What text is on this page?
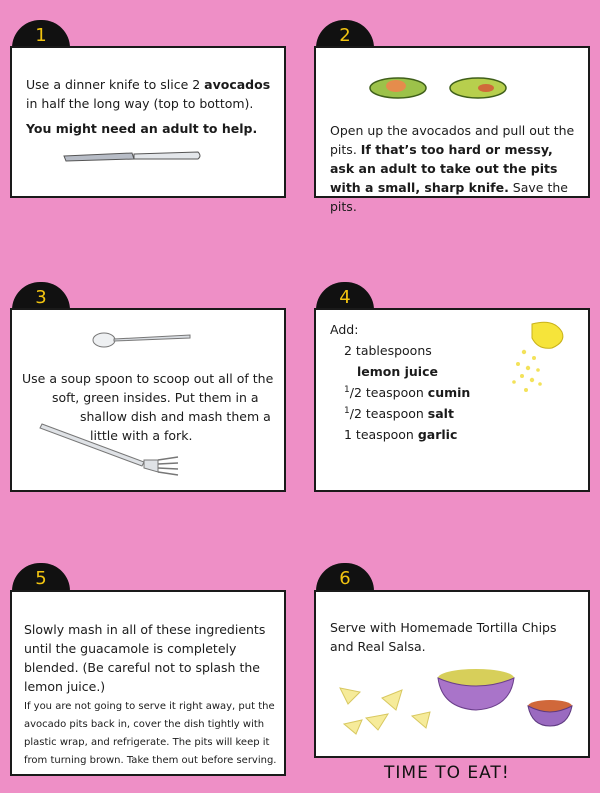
1

Use a dinner knife to slice 2 avocados in half the long way (top to bottom).

You might need an adult to help.

2

Open up the avocados and pull out the pits. If that’s too hard or messy, ask an adult to take out the pits with a small, sharp knife. Save the pits.

3
Use a soup spoon to scoop out all of the
soft, green insides. Put them in a
shallow dish and mash them a
little with a fork.
4
Add:
2 tablespoons
lemon juice
$^1$/2 teaspoon cumin
$^1$/2 teaspoon salt
1 teaspoon garlic
5
Slowly mash in all of these ingredients
until the guacamole is completely
blended. (Be careful not to splash the
lemon juice.)
If you are not going to serve it right away, put the
avocado pits back in, cover the dish tightly with
plastic wrap, and refrigerate. The pits will keep it
from turning brown. Take them out before serving.
6
Serve with Homemade Tortilla Chips
and Real Salsa.
TIME TO EAT!
